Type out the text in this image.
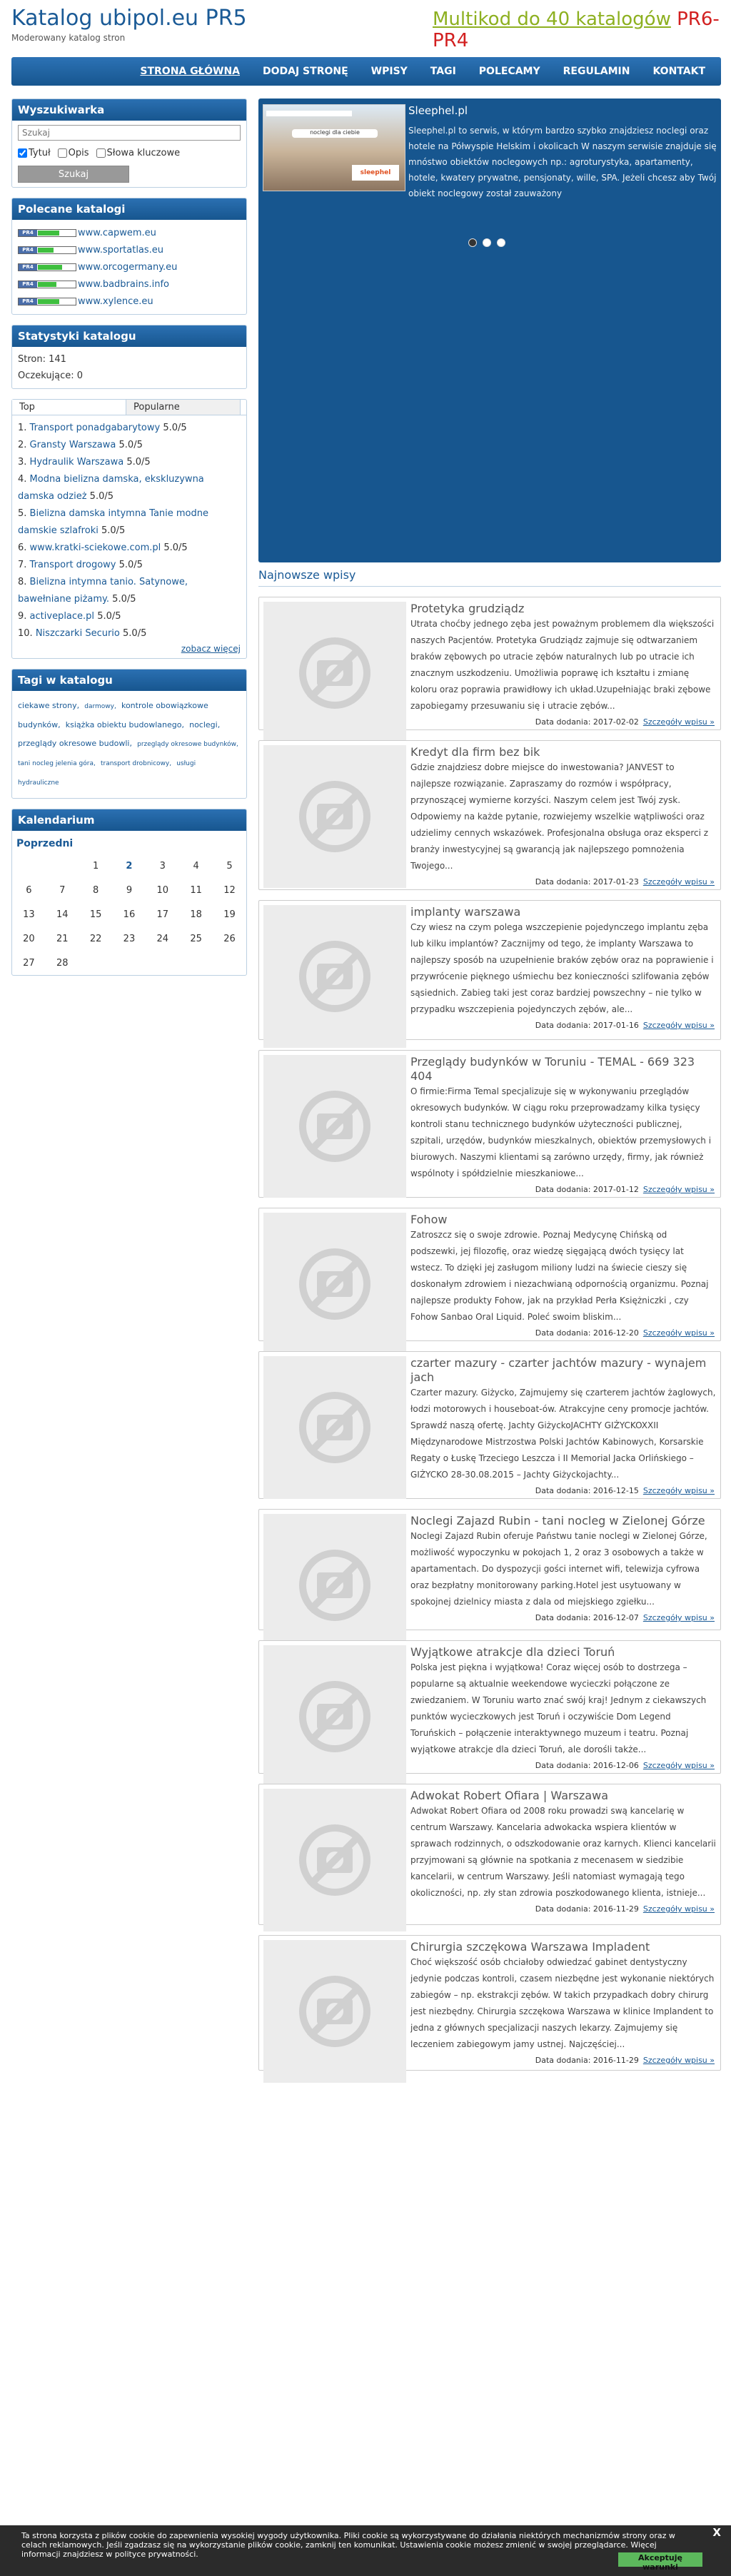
Katalog ubipol.eu PR5
Moderowany katalog stron
Multikod do 40 katalogów PR6-PR4
STRONA GŁÓWNA	DODAJ STRONĘ	WPISY	TAGI	POLECAMY	REGULAMIN	KONTAKT
Wyszukiwarka
Szukaj
Tytuł Opis Słowa kluczowe
Szukaj
Polecane katalogi
PR4	www.capwem.eu
PR4	www.sportatlas.eu
PR4	www.orcogermany.eu
PR4	www.badbrains.info
PR4	www.xylence.eu
Statystyki katalogu
Stron: 141
Oczekujące: 0
Top	Popularne
1. Transport ponadgabarytowy 5.0/5
2. Gransty Warszawa 5.0/5
3. Hydraulik Warszawa 5.0/5
4. Modna bielizna damska, ekskluzywna damska odzież 5.0/5
5. Bielizna damska intymna Tanie modne damskie szlafroki 5.0/5
6. www.kratki-sciekowe.com.pl 5.0/5
7. Transport drogowy 5.0/5
8. Bielizna intymna tanio. Satynowe, bawełniane piżamy. 5.0/5
9. activeplace.pl 5.0/5
10. Niszczarki Securio 5.0/5
zobacz więcej
Tagi w katalogu
ciekawe strony, darmowy, kontrole obowiązkowe budynków, książka obiektu budowlanego, noclegi, przeglądy okresowe budowli, przeglądy okresowe budynków, tani nocleg jelenia góra, transport drobnicowy, usługi hydrauliczne
Kalendarium
Poprzedni
		1	2	3	4	5
6	7	8	9	10	11	12
13	14	15	16	17	18	19
20	21	22	23	24	25	26
27	28					
noclegi dla ciebie
sleephel
Sleephel.pl
Sleephel.pl to serwis, w którym bardzo szybko znajdziesz noclegi oraz hotele na Półwyspie Helskim i okolicach W naszym serwisie znajduje się mnóstwo obiektów noclegowych np.: agroturystyka, apartamenty, hotele, kwatery prywatne, pensjonaty, wille, SPA. Jeżeli chcesz aby Twój obiekt noclegowy został zauważony
Najnowsze wpisy
Protetyka grudziądz
Utrata choćby jednego zęba jest poważnym problemem dla większości naszych Pacjentów. Protetyka Grudziądz zajmuje się odtwarzaniem braków zębowych po utracie zębów naturalnych lub po utracie ich znacznym uszkodzeniu. Umożliwia poprawę ich kształtu i zmianę koloru oraz poprawia prawidłowy ich układ.Uzupełniając braki zębowe zapobiegamy przesuwaniu się i utracie zębów...
Data dodania: 2017-02-02 Szczegóły wpisu »
Kredyt dla firm bez bik
Gdzie znajdziesz dobre miejsce do inwestowania? JANVEST to najlepsze rozwiązanie. Zapraszamy do rozmów i współpracy, przynoszącej wymierne korzyści. Naszym celem jest Twój zysk. Odpowiemy na każde pytanie, rozwiejemy wszelkie wątpliwości oraz udzielimy cennych wskazówek. Profesjonalna obsługa oraz eksperci z branży inwestycyjnej są gwarancją jak najlepszego pomnożenia Twojego...
Data dodania: 2017-01-23 Szczegóły wpisu »
implanty warszawa
Czy wiesz na czym polega wszczepienie pojedynczego implantu zęba lub kilku implantów? Zacznijmy od tego, że implanty Warszawa to najlepszy sposób na uzupełnienie braków zębów oraz na poprawienie i przywrócenie pięknego uśmiechu bez konieczności szlifowania zębów sąsiednich. Zabieg taki jest coraz bardziej powszechny – nie tylko w przypadku wszczepienia pojedynczych zębów, ale...
Data dodania: 2017-01-16 Szczegóły wpisu »
Przeglądy budynków w Toruniu - TEMAL - 669 323 404
O firmie:Firma Temal specjalizuje się w wykonywaniu przeglądów okresowych budynków. W ciągu roku przeprowadzamy kilka tysięcy kontroli stanu technicznego budynków użyteczności publicznej, szpitali, urzędów, budynków mieszkalnych, obiektów przemysłowych i biurowych. Naszymi klientami są zarówno urzędy, firmy, jak również wspólnoty i spółdzielnie mieszkaniowe...
Data dodania: 2017-01-12 Szczegóły wpisu »
Fohow
Zatroszcz się o swoje zdrowie. Poznaj Medycynę Chińską od podszewki, jej filozofię, oraz wiedzę sięgającą dwóch tysięcy lat wstecz. To dzięki jej zasługom miliony ludzi na świecie cieszy się doskonałym zdrowiem i niezachwianą odpornością organizmu. Poznaj najlepsze produkty Fohow, jak na przykład Perła Księżniczki , czy Fohow Sanbao Oral Liquid. Poleć swoim bliskim...
Data dodania: 2016-12-20 Szczegóły wpisu »
czarter mazury - czarter jachtów mazury - wynajem jach
Czarter mazury. Giżycko, Zajmujemy się czarterem jachtów żaglowych, łodzi motorowych i houseboat-ów. Atrakcyjne ceny promocje jachtów. Sprawdź naszą ofertę. Jachty GiżyckoJACHTY GIŻYCKOXXII Międzynarodowe Mistrzostwa Polski Jachtów Kabinowych, Korsarskie Regaty o Łuskę Trzeciego Leszcza i II Memorial Jacka Orlińskiego – GIŻYCKO 28-30.08.2015 – Jachty Giżyckojachty...
Data dodania: 2016-12-15 Szczegóły wpisu »
Noclegi Zajazd Rubin - tani nocleg w Zielonej Górze
Noclegi Zajazd Rubin oferuje Państwu tanie noclegi w Zielonej Górze, możliwość wypoczynku w pokojach 1, 2 oraz 3 osobowych a także w apartamentach. Do dyspozycji gości internet wifi, telewizja cyfrowa oraz bezpłatny monitorowany parking.Hotel jest usytuowany w spokojnej dzielnicy miasta z dala od miejskiego zgiełku...
Data dodania: 2016-12-07 Szczegóły wpisu »
Wyjątkowe atrakcje dla dzieci Toruń
Polska jest piękna i wyjątkowa! Coraz więcej osób to dostrzega – popularne są aktualnie weekendowe wycieczki połączone ze zwiedzaniem. W Toruniu warto znać swój kraj! Jednym z ciekawszych punktów wycieczkowych jest Toruń i oczywiście Dom Legend Toruńskich – połączenie interaktywnego muzeum i teatru. Poznaj wyjątkowe atrakcje dla dzieci Toruń, ale dorośli także...
Data dodania: 2016-12-06 Szczegóły wpisu »
Adwokat Robert Ofiara | Warszawa
Adwokat Robert Ofiara od 2008 roku prowadzi swą kancelarię w centrum Warszawy. Kancelaria adwokacka wspiera klientów w sprawach rodzinnych, o odszkodowanie oraz karnych. Klienci kancelarii przyjmowani są głównie na spotkania z mecenasem w siedzibie kancelarii, w centrum Warszawy. Jeśli natomiast wymagają tego okoliczności, np. zły stan zdrowia poszkodowanego klienta, istnieje...
Data dodania: 2016-11-29 Szczegóły wpisu »
Chirurgia szczękowa Warszawa Impladent
Choć większość osób chciałoby odwiedzać gabinet dentystyczny jedynie podczas kontroli, czasem niezbędne jest wykonanie niektórych zabiegów – np. ekstrakcji zębów. W takich przypadkach dobry chirurg jest niezbędny. Chirurgia szczękowa Warszawa w klinice Implandent to jedna z głównych specjalizacji naszych lekarzy. Zajmujemy się leczeniem zabiegowym jamy ustnej. Najczęściej...
Data dodania: 2016-11-29 Szczegóły wpisu »
Ta strona korzysta z plików cookie do zapewnienia wysokiej wygody użytkownika. Pliki cookie są wykorzystywane do działania niektórych mechanizmów strony oraz w celach reklamowych. Jeśli zgadzasz się na wykorzystanie plików cookie, zamknij ten komunikat. Ustawienia cookie możesz zmienić w swojej przeglądarce. Więcej informacji znajdziesz w polityce prywatności.
X
Akceptuję warunki
